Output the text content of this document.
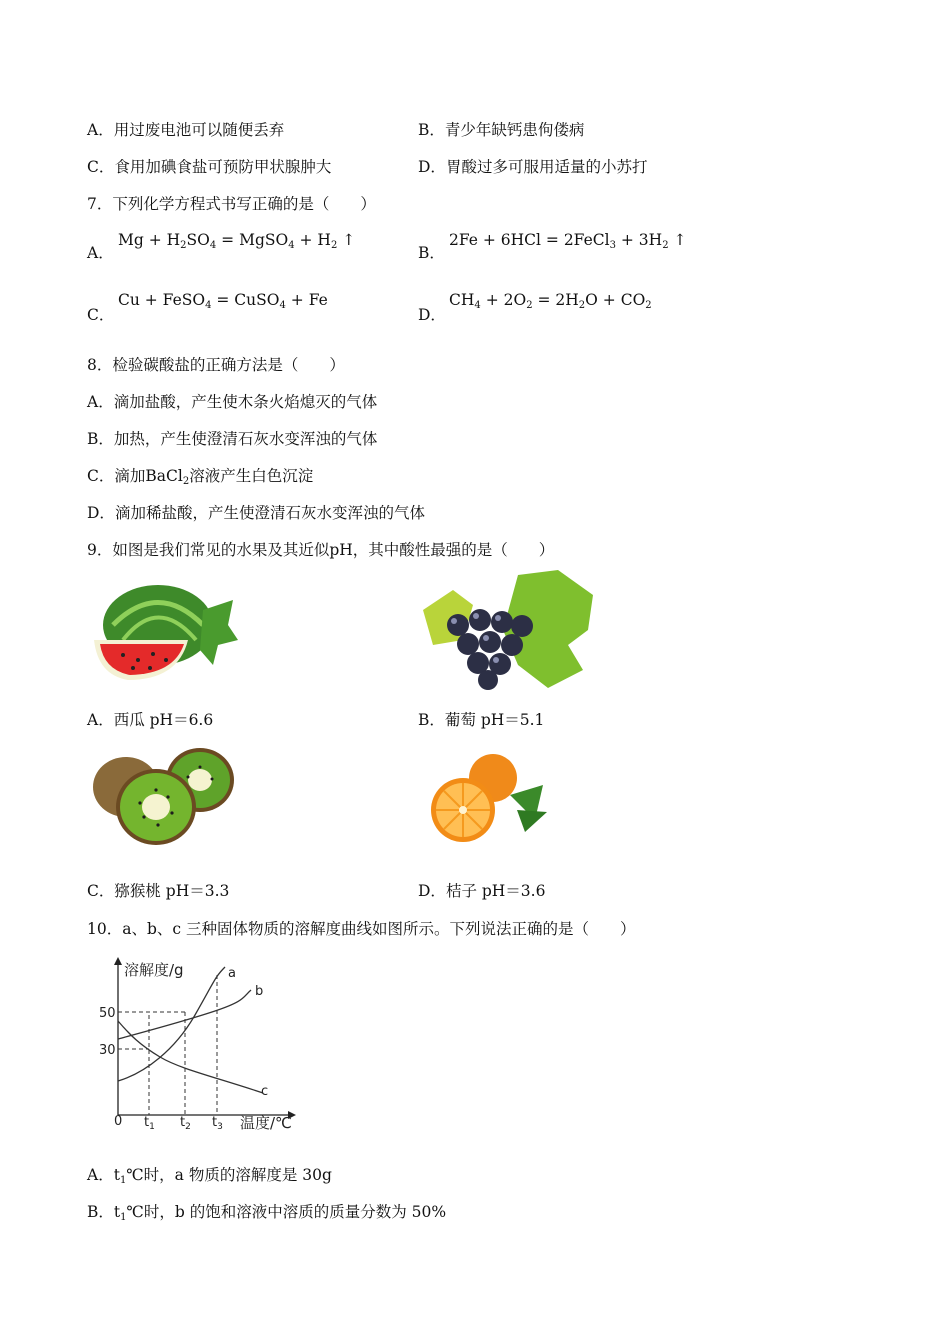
A．用过废电池可以随便丢弃	B．青少年缺钙患佝偻病
C．食用加碘食盐可预防甲状腺肿大	D．胃酸过多可服用适量的小苏打
7．下列化学方程式书写正确的是（　　）
A．
$Mg + H_2SO_4$ = MgSO$_4$ + $H_2$ ↑
B．
2Fe + 6HCl = 2FeCl$_3$ + $3H_2$ ↑
C．
Cu + FeSO$_4$ = CuSO$_4$ + Fe
D．
$CH_4 + 2O_2 = 2H_2O + CO_2$
8．检验碳酸盐的正确方法是（　　）
A．滴加盐酸，产生使木条火焰熄灭的气体
B．加热，产生使澄清石灰水变浑浊的气体
C．滴加BaCl$_2$溶液产生白色沉淀
D．滴加稀盐酸，产生使澄清石灰水变浑浊的气体
9．如图是我们常见的水果及其近似pH，其中酸性最强的是（　　）
A．西瓜 pH＝6.6	B．葡萄 pH＝5.1
C．猕猴桃 pH＝3.3	D．桔子 pH＝3.6
10．a、b、c 三种固体物质的溶解度曲线如图所示。下列说法正确的是（　　）
溶解度/g	a
b
c
50
30
0 $t_1$ $t_2$ $t_3$ 温度/℃
A．$t_1℃$时，a 物质的溶解度是 30g
B．$t_1℃$时，b 的饱和溶液中溶质的质量分数为 50%
